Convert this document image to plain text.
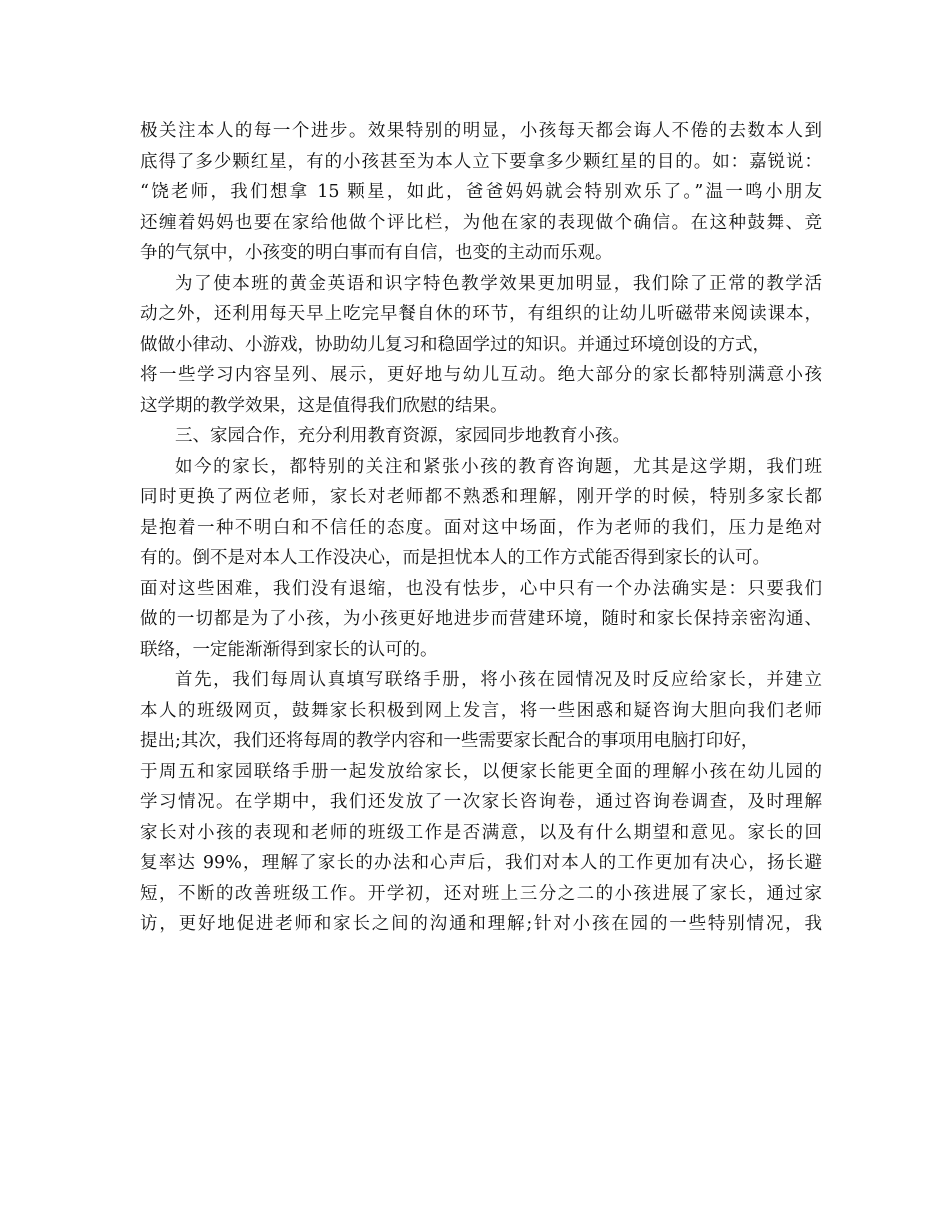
极关注本人的每一个进步。效果特别的明显，小孩每天都会诲人不倦的去数本人到
底得了多少颗红星，有的小孩甚至为本人立下要拿多少颗红星的目的。如：嘉锐说：
“饶老师，我们想拿 15 颗星，如此，爸爸妈妈就会特别欢乐了。”温一鸣小朋友
还缠着妈妈也要在家给他做个评比栏，为他在家的表现做个确信。在这种鼓舞、竞
争的气氛中，小孩变的明白事而有自信，也变的主动而乐观。
为了使本班的黄金英语和识字特色教学效果更加明显，我们除了正常的教学活
动之外，还利用每天早上吃完早餐自休的环节，有组织的让幼儿听磁带来阅读课本，
做做小律动、小游戏，协助幼儿复习和稳固学过的知识。并通过环境创设的方式，
将一些学习内容呈列、展示，更好地与幼儿互动。绝大部分的家长都特别满意小孩
这学期的教学效果，这是值得我们欣慰的结果。
三、家园合作，充分利用教育资源，家园同步地教育小孩。
如今的家长，都特别的关注和紧张小孩的教育咨询题，尤其是这学期，我们班
同时更换了两位老师，家长对老师都不熟悉和理解，刚开学的时候，特别多家长都
是抱着一种不明白和不信任的态度。面对这中场面，作为老师的我们，压力是绝对
有的。倒不是对本人工作没决心，而是担忧本人的工作方式能否得到家长的认可。
面对这些困难，我们没有退缩，也没有怯步，心中只有一个办法确实是：只要我们
做的一切都是为了小孩，为小孩更好地进步而营建环境，随时和家长保持亲密沟通、
联络，一定能渐渐得到家长的认可的。
首先，我们每周认真填写联络手册，将小孩在园情况及时反应给家长，并建立
本人的班级网页，鼓舞家长积极到网上发言，将一些困惑和疑咨询大胆向我们老师
提出;其次，我们还将每周的教学内容和一些需要家长配合的事项用电脑打印好，
于周五和家园联络手册一起发放给家长，以便家长能更全面的理解小孩在幼儿园的
学习情况。在学期中，我们还发放了一次家长咨询卷，通过咨询卷调查，及时理解
家长对小孩的表现和老师的班级工作是否满意，以及有什么期望和意见。家长的回
复率达 99%，理解了家长的办法和心声后，我们对本人的工作更加有决心，扬长避
短，不断的改善班级工作。开学初，还对班上三分之二的小孩进展了家长，通过家
访，更好地促进老师和家长之间的沟通和理解;针对小孩在园的一些特别情况，我
